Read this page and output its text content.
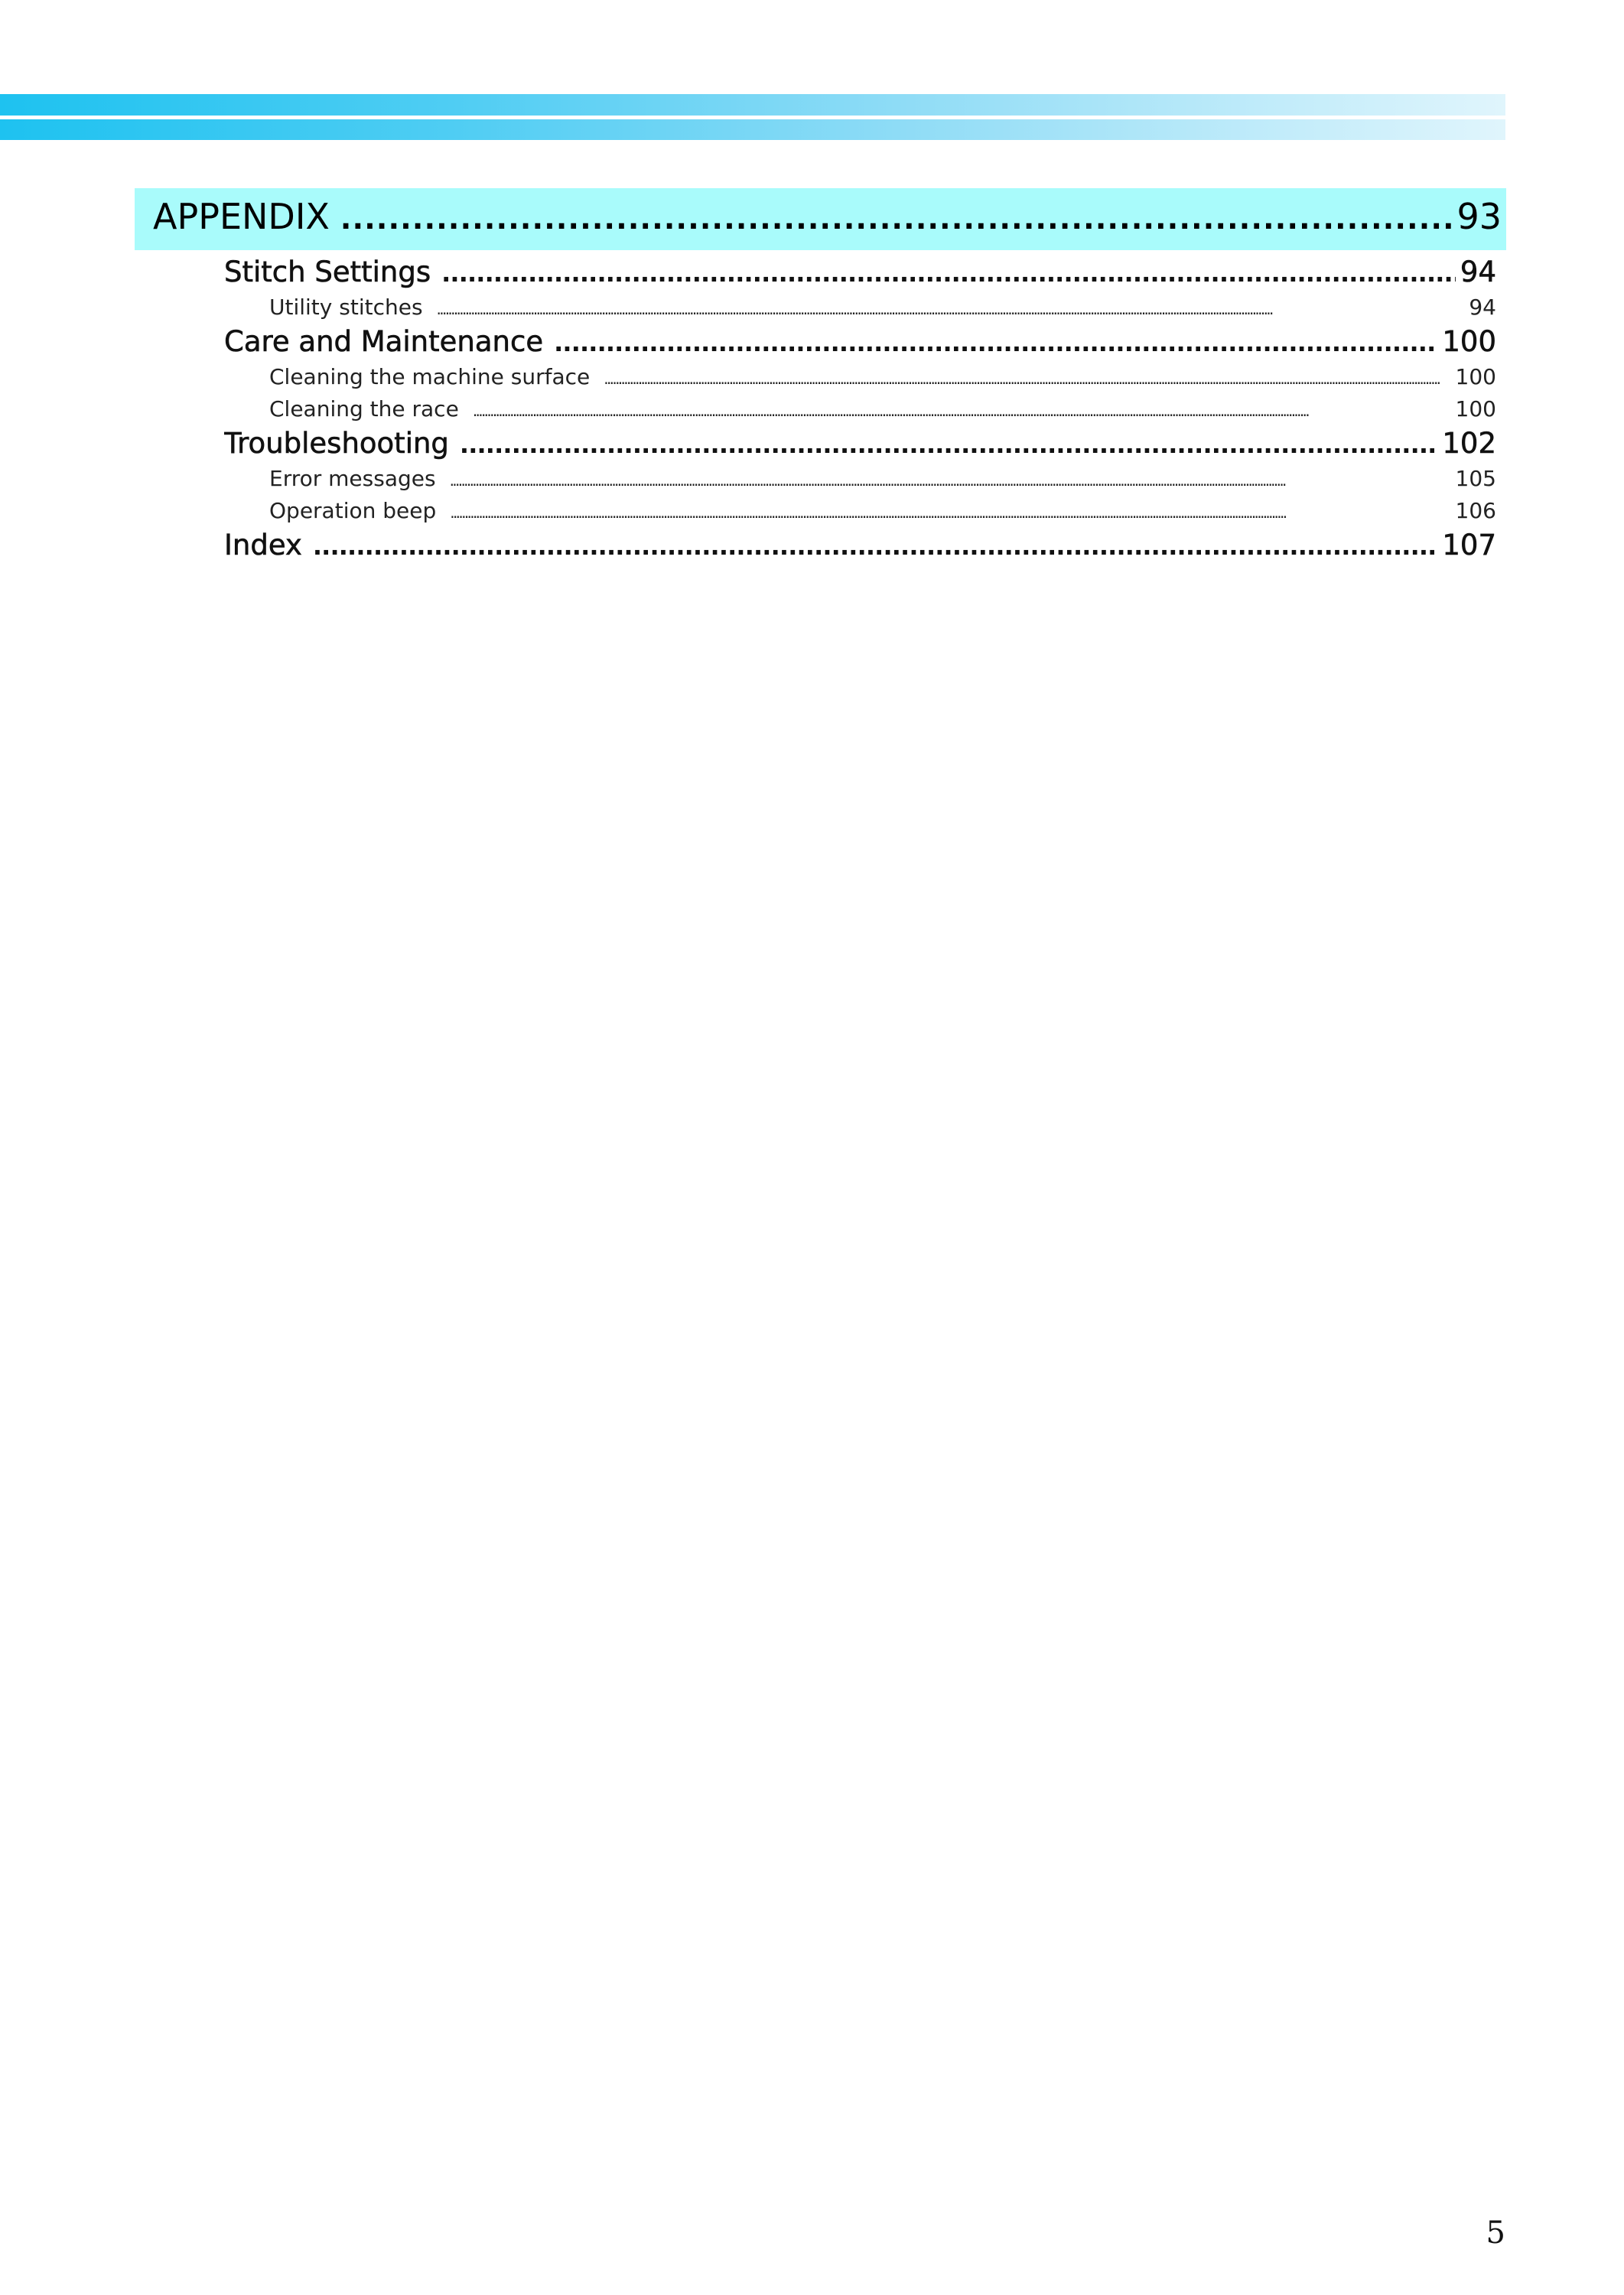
APPENDIX . . .	93
Stitch Settings . . .	94
Utility stitches . . .	94
Care and Maintenance . . .	100
Cleaning the machine surface . . .	100
Cleaning the race . . .	100
Troubleshooting . . .	102
Error messages . . .	105
Operation beep . . .	106
Index . . .	107
5
